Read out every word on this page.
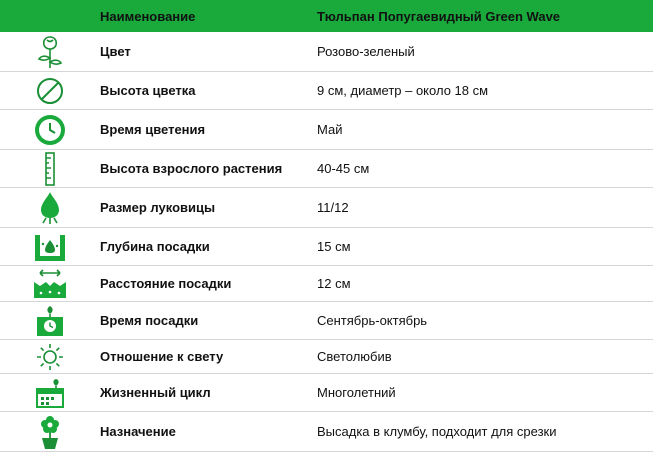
Наименование	Тюльпан Попугаевидный Green Wave
Цвет	Розово-зеленый
Высота цветка	9 см, диаметр – около 18 см
Время цветения	Май
Высота взрослого растения	40-45 см
Размер луковицы	11/12
Глубина посадки	15 см
Расстояние посадки	12 см
Время посадки	Сентябрь-октябрь
Отношение к свету	Светолюбив
Жизненный цикл	Многолетний
Назначение	Высадка в клумбу, подходит для срезки
